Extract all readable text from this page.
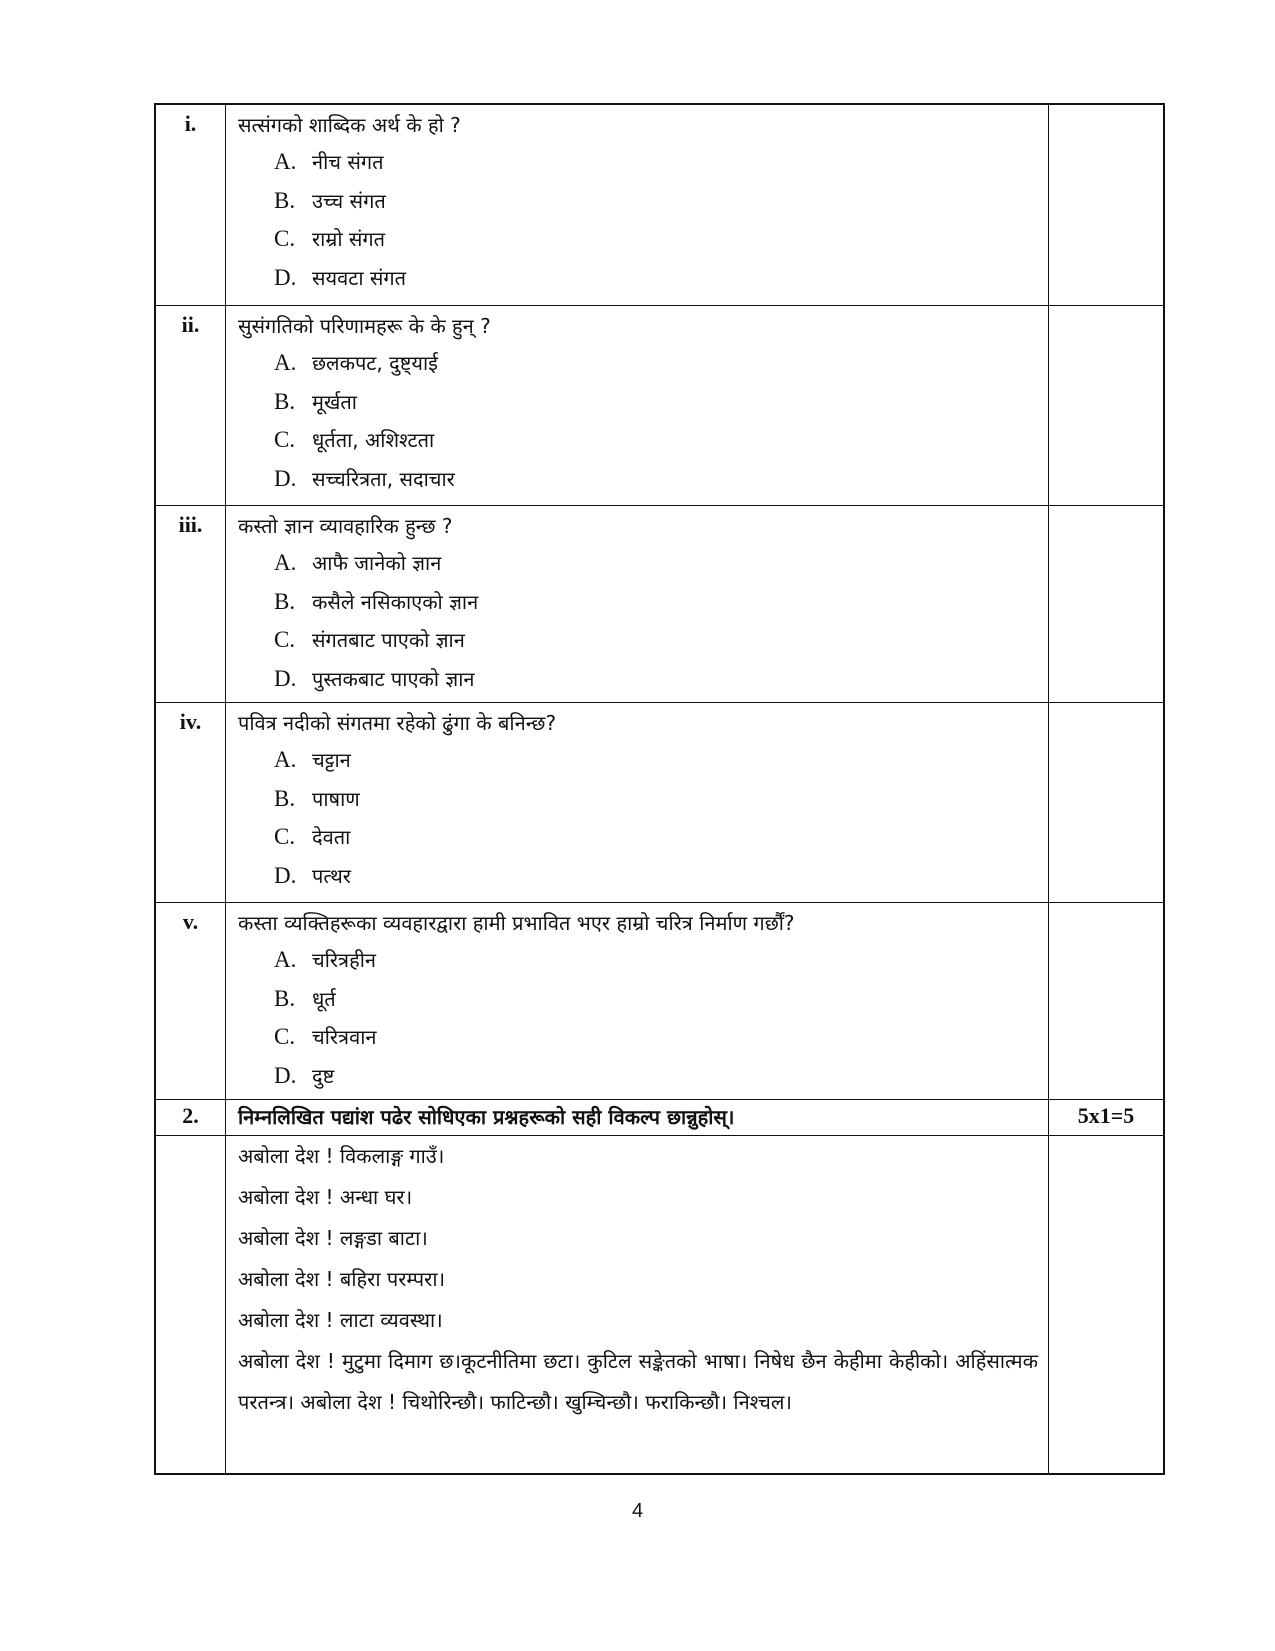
i.	सत्संगको शाब्दिक अर्थ के हो ?
A. नीच संगत
B. उच्च संगत
C. राम्रो संगत
D. सयवटा संगत
ii.	सुसंगतिको परिणामहरू के के हुन् ?
A. छलकपट, दुष्ट्याई
B. मूर्खता
C. धूर्तता, अशिश्टता
D. सच्चरित्रता, सदाचार
iii.	कस्तो ज्ञान व्यावहारिक हुन्छ ?
A. आफै जानेको ज्ञान
B. कसैले नसिकाएको ज्ञान
C. संगतबाट पाएको ज्ञान
D. पुस्तकबाट पाएको ज्ञान
iv.	पवित्र नदीको संगतमा रहेको ढुंगा के बनिन्छ?
A. चट्टान
B. पाषाण
C. देवता
D. पत्थर
v.	कस्ता व्यक्तिहरूका व्यवहारद्वारा हामी प्रभावित भएर हाम्रो चरित्र निर्माण गर्छौं?
A. चरित्रहीन
B. धूर्त
C. चरित्रवान
D. दुष्ट
2.	निम्नलिखित पद्यांश पढेर सोधिएका प्रश्नहरूको सही विकल्प छान्नुहोस्।	5x1=5
अबोला देश ! विकलाङ्ग गाउँ।
अबोला देश ! अन्धा घर।
अबोला देश ! लङ्गडा बाटा।
अबोला देश ! बहिरा परम्परा।
अबोला देश ! लाटा व्यवस्था।
अबोला देश ! मुटुमा दिमाग छ।कूटनीतिमा छटा। कुटिल सङ्केतको भाषा। निषेध छैन केहीमा केहीको। अहिंसात्मक परतन्त्र। अबोला देश ! चिथोरिन्छौ। फाटिन्छौ। खुम्चिन्छौ। फराकिन्छौ। निश्चल।
4
